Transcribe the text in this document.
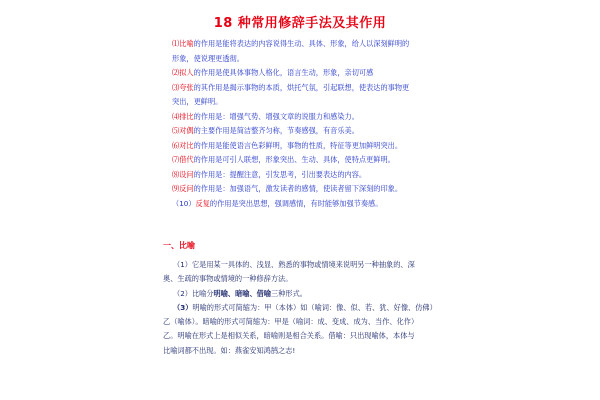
18 种常用修辞手法及其作用
⑴比喻的作用是能将表达的内容说得生动、具体、形象，给人以深刻鲜明的
形象，使说理更透彻。
⑵拟人的作用是使具体事物人格化，语言生动，形象，亲切可感
⑶夸张的其作用是揭示事物的本质，烘托气氛，引起联想，使表达的事物更
突出，更鲜明。
⑷排比的作用是：增强气势、增强文章的说服力和感染力。
⑸对偶的主要作用是简洁整齐匀称，节奏感强，有音乐美。
⑹对比的作用是能使语言色彩鲜明，事物的性质，特征等更加鲜明突出。
⑺借代的作用是可引人联想，形象突出、生动、具体，使特点更鲜明。
⑻设问的作用是：提醒注意，引发思考，引出要表达的内容。
⑼反问的作用是：加强语气，激发读者的感情，使读者留下深刻的印象。
（10）反复的作用是突出思想，强调感情，有时能够加强节奏感。
一、比喻
（1）它是用某一具体的、浅显、熟悉的事物或情境来说明另一种抽象的、深
奥、生疏的事物或情境的一种修辞方法。
（2）比喻分明喻、暗喻、借喻三种形式。
（3）明喻的形式可简缩为：甲（本体）如（喻词：像、似、若、犹、好像、仿佛）
乙（喻体）。暗喻的形式可简缩为：甲是（喻词：成、变成、成为、当作、化作）
乙。明喻在形式上是相似关系，暗喻则是相合关系。借喻：只出现喻体，本体与
比喻词都不出现。如：燕雀安知鸿鹄之志!
